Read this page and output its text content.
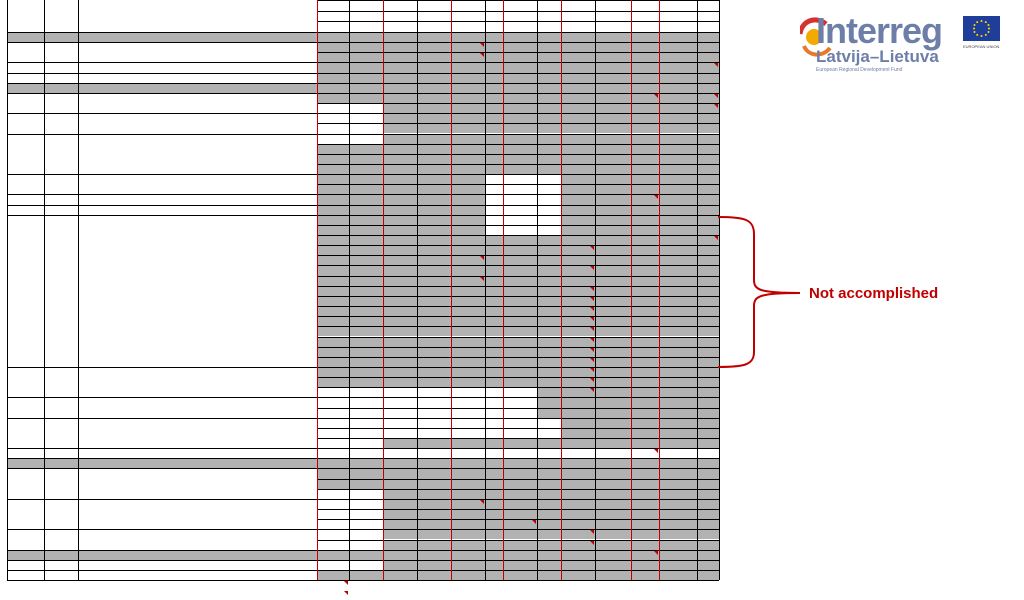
Not accomplished
Interreg
Latvija–Lietuva
European Regional Development Fund
EUROPEAN UNION
